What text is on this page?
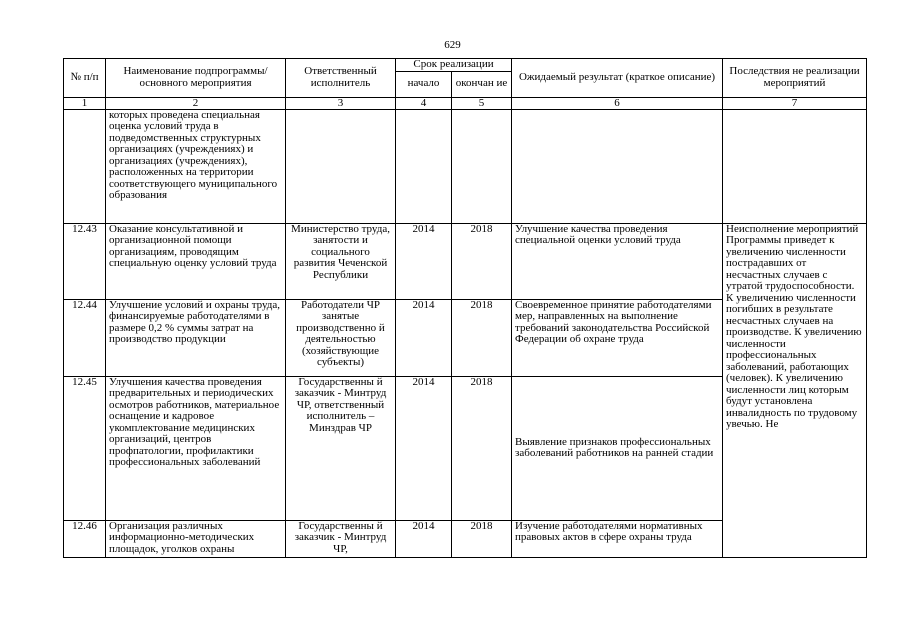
629
№ п/п	Наименование подпрограммы/ основного мероприятия	Ответственный исполнитель	Срок реализации		Ожидаемый результат (краткое описание)	Последствия не реализации мероприятий
			начало	окончан ие		
1	2	3	4	5	6	7
	которых проведена специальная оценка условий труда в подведомственных структурных организациях (учреждениях) и организациях (учреждениях), расположенных на территории соответствующего муниципального образования					
12.43	Оказание консультативной и организационной помощи организациям, проводящим специальную оценку условий труда	Министерство труда, занятости и социального развития Чеченской Республики	2014	2018	Улучшение качества проведения специальной оценки условий труда	Неисполнение мероприятий Программы приведет к увеличению численности пострадавших от несчастных случаев с утратой трудоспособности. К увеличению численности погибших в результате несчастных случаев на производстве. К увеличению численности профессиональных заболеваний, работающих (человек). К увеличению численности лиц которым будут установлена инвалидность по трудовому увечью. Не
12.44	Улучшение условий и охраны труда, финансируемые работодателями в размере 0,2 % суммы затрат на производство продукции	Работодатели ЧР занятые производственно й деятельностью (хозяйствующие субъекты)	2014	2018	Своевременное принятие работодателями мер, направленных на выполнение требований законодательства Российской Федерации об охране труда	
12.45	Улучшения качества проведения предварительных и периодических осмотров работников, материальное оснащение и кадровое укомплектование медицинских организаций, центров профпатологии, профилактики профессиональных заболеваний	Государственны й заказчик - Минтруд ЧР, ответственный исполнитель – Минздрав ЧР	2014	2018	Выявление признаков профессиональных заболеваний работников на ранней стадии	
12.46	Организация различных информационно-методических площадок, уголков охраны	Государственны й заказчик - Минтруд ЧР,	2014	2018	Изучение работодателями нормативных правовых актов в сфере охраны труда	
